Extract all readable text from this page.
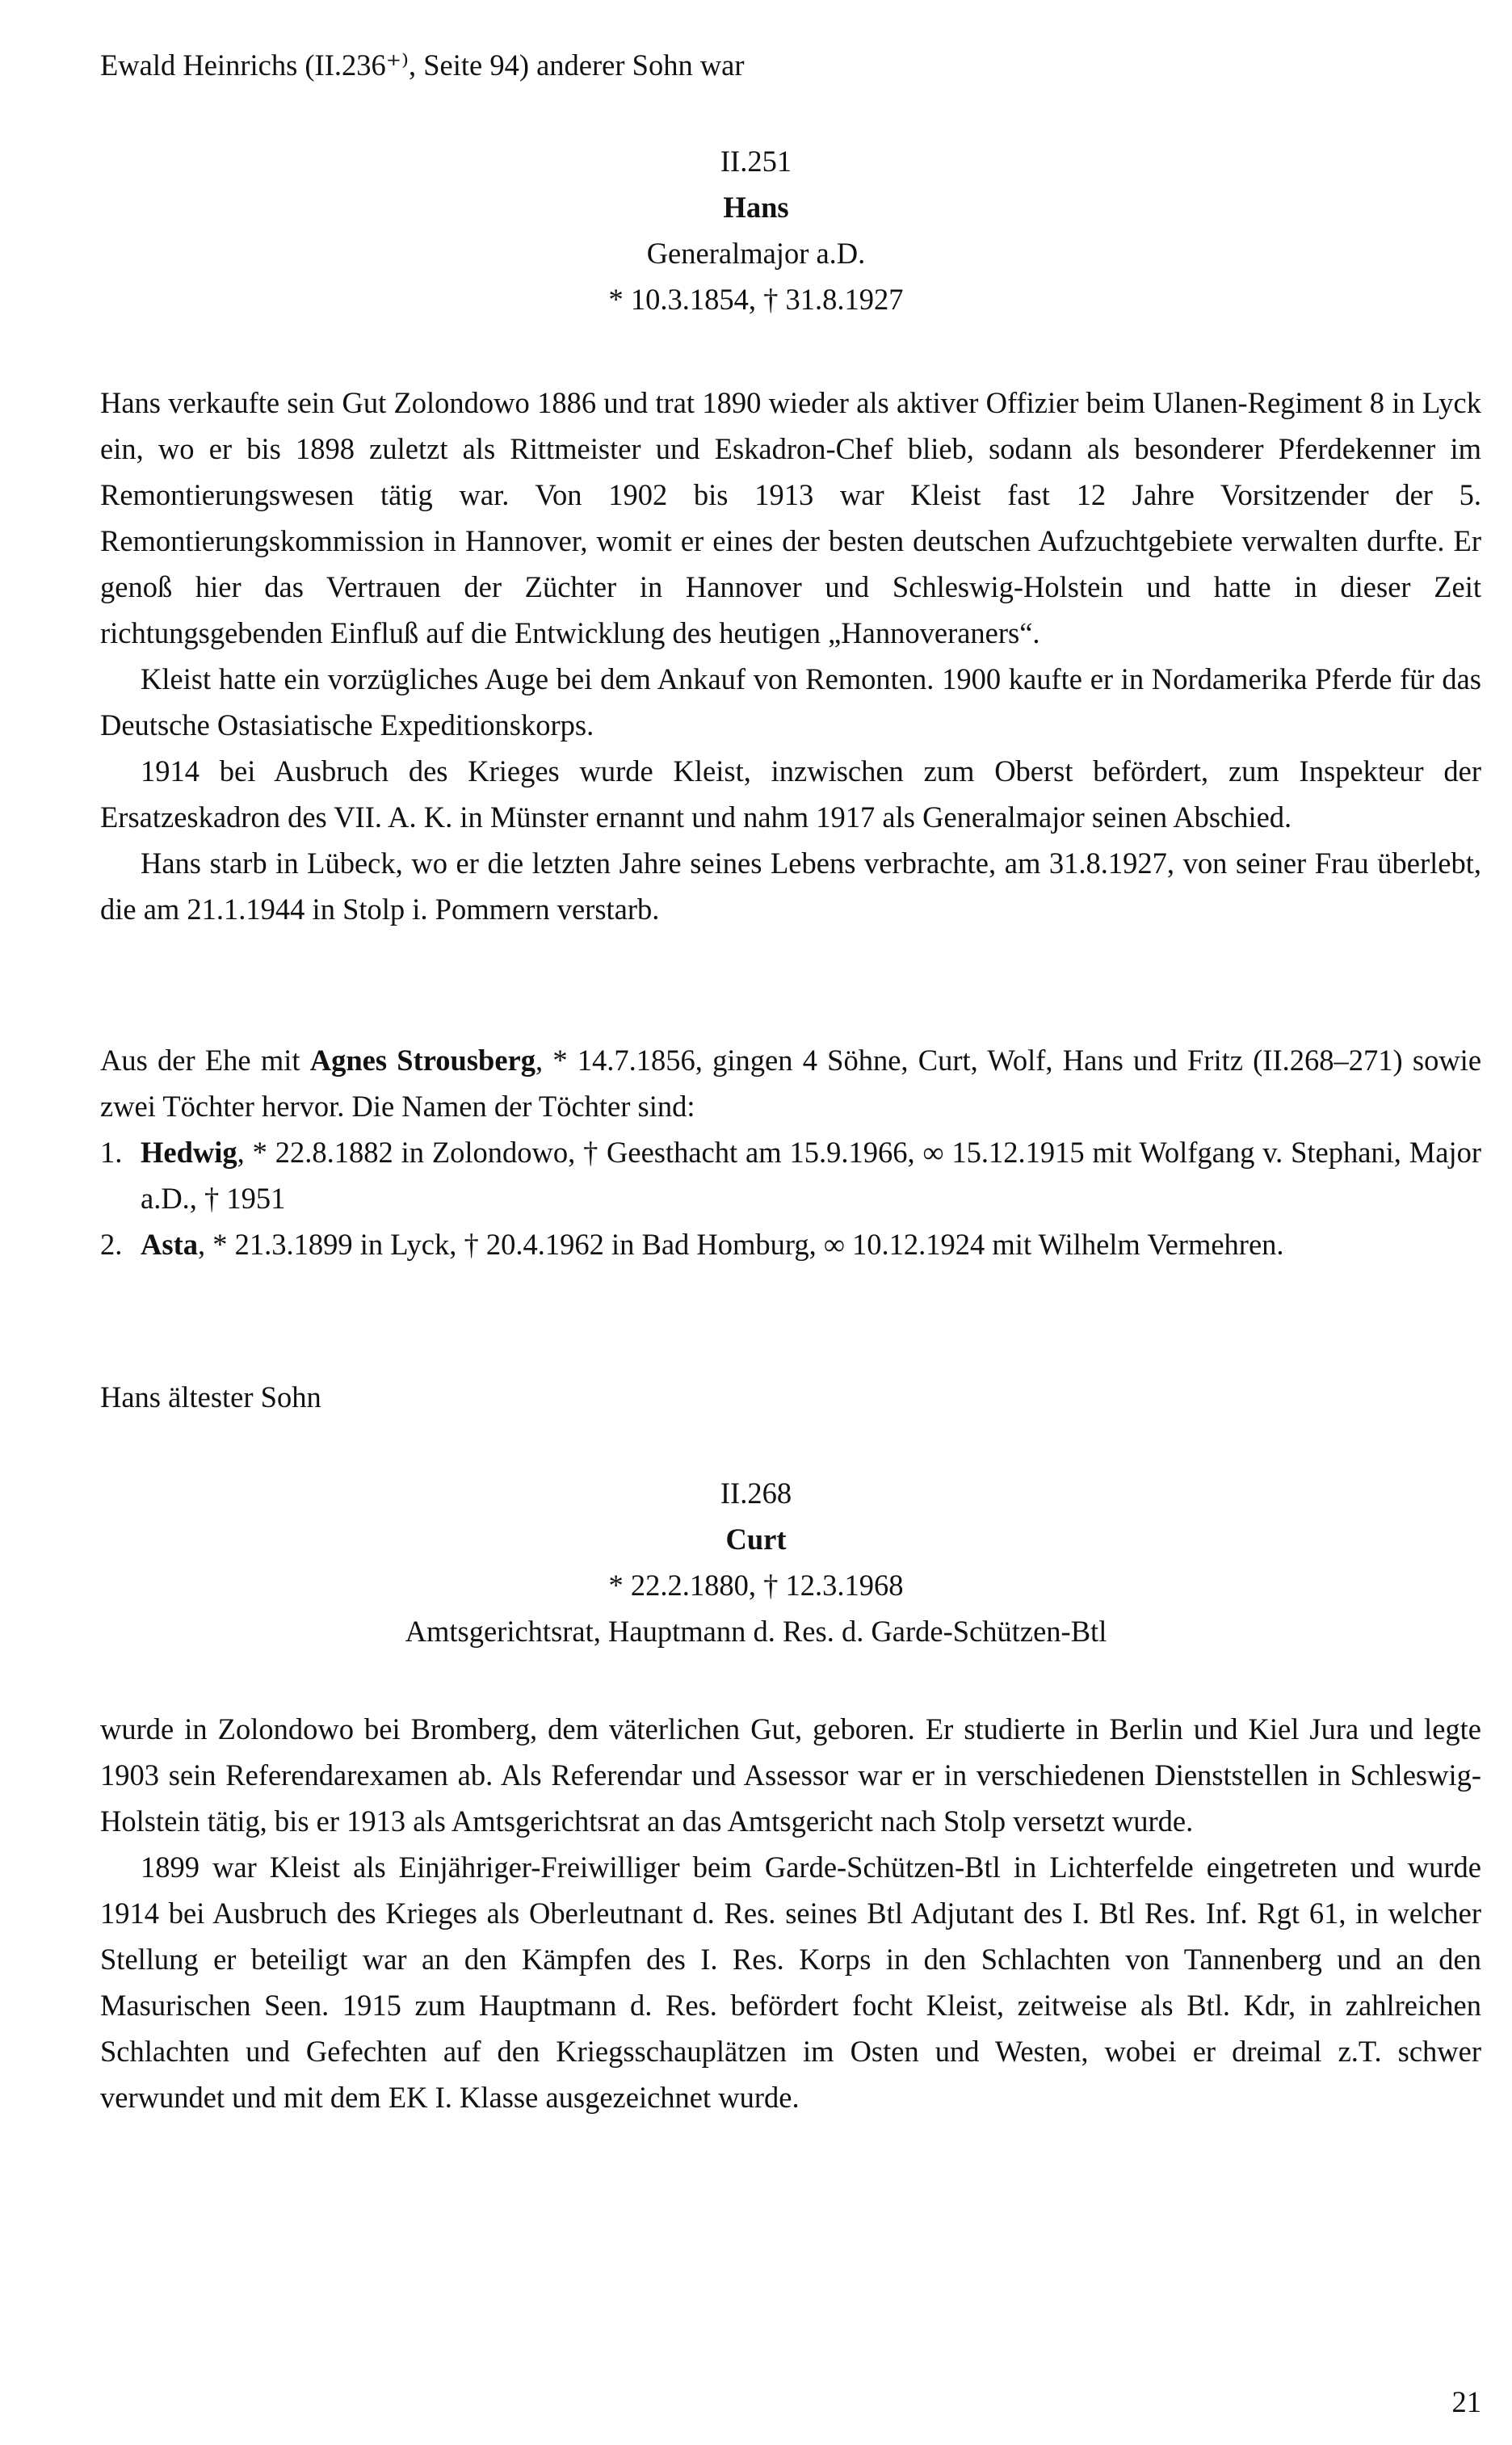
Ewald Heinrichs (II.236⁺⁾, Seite 94) anderer Sohn war
II.251
Hans
Generalmajor a.D.
* 10.3.1854, † 31.8.1927

Hans verkaufte sein Gut Zolondowo 1886 und trat 1890 wieder als aktiver Offizier beim Ulanen-Regiment 8 in Lyck ein, wo er bis 1898 zuletzt als Rittmeister und Eskadron-Chef blieb, sodann als besonderer Pferdekenner im Remontierungswesen tätig war. Von 1902 bis 1913 war Kleist fast 12 Jahre Vorsitzender der 5. Remontierungskommission in Hannover, womit er eines der besten deutschen Aufzuchtgebiete verwalten durfte. Er genoß hier das Vertrauen der Züchter in Hannover und Schleswig-Holstein und hatte in dieser Zeit richtungsgebenden Einfluß auf die Entwicklung des heutigen „Hannoveraners“.

Kleist hatte ein vorzügliches Auge bei dem Ankauf von Remonten. 1900 kaufte er in Nordamerika Pferde für das Deutsche Ostasiatische Expeditionskorps.

1914 bei Ausbruch des Krieges wurde Kleist, inzwischen zum Oberst befördert, zum Inspekteur der Ersatzeskadron des VII. A. K. in Münster ernannt und nahm 1917 als Generalmajor seinen Abschied.

Hans starb in Lübeck, wo er die letzten Jahre seines Lebens verbrachte, am 31.8.1927, von seiner Frau überlebt, die am 21.1.1944 in Stolp i. Pommern verstarb.

Aus der Ehe mit Agnes Strousberg, * 14.7.1856, gingen 4 Söhne, Curt, Wolf, Hans und Fritz (II.268–271) sowie zwei Töchter hervor. Die Namen der Töchter sind:

1. Hedwig, * 22.8.1882 in Zolondowo, † Geesthacht am 15.9.1966, ∞ 15.12.1915 mit Wolfgang v. Stephani, Major a.D., † 1951
2. Asta, * 21.3.1899 in Lyck, † 20.4.1962 in Bad Homburg, ∞ 10.12.1924 mit Wilhelm Vermehren.
Hans ältester Sohn
II.268
Curt
* 22.2.1880, † 12.3.1968
Amtsgerichtsrat, Hauptmann d. Res. d. Garde-Schützen-Btl

wurde in Zolondowo bei Bromberg, dem väterlichen Gut, geboren. Er studierte in Berlin und Kiel Jura und legte 1903 sein Referendarexamen ab. Als Referendar und Assessor war er in verschiedenen Dienststellen in Schleswig-Holstein tätig, bis er 1913 als Amtsgerichtsrat an das Amtsgericht nach Stolp versetzt wurde.

1899 war Kleist als Einjähriger-Freiwilliger beim Garde-Schützen-Btl in Lichterfelde eingetreten und wurde 1914 bei Ausbruch des Krieges als Oberleutnant d. Res. seines Btl Adjutant des I. Btl Res. Inf. Rgt 61, in welcher Stellung er beteiligt war an den Kämpfen des I. Res. Korps in den Schlachten von Tannenberg und an den Masurischen Seen. 1915 zum Hauptmann d. Res. befördert focht Kleist, zeitweise als Btl. Kdr, in zahlreichen Schlachten und Gefechten auf den Kriegsschauplätzen im Osten und Westen, wobei er dreimal z.T. schwer verwundet und mit dem EK I. Klasse ausgezeichnet wurde.

21
